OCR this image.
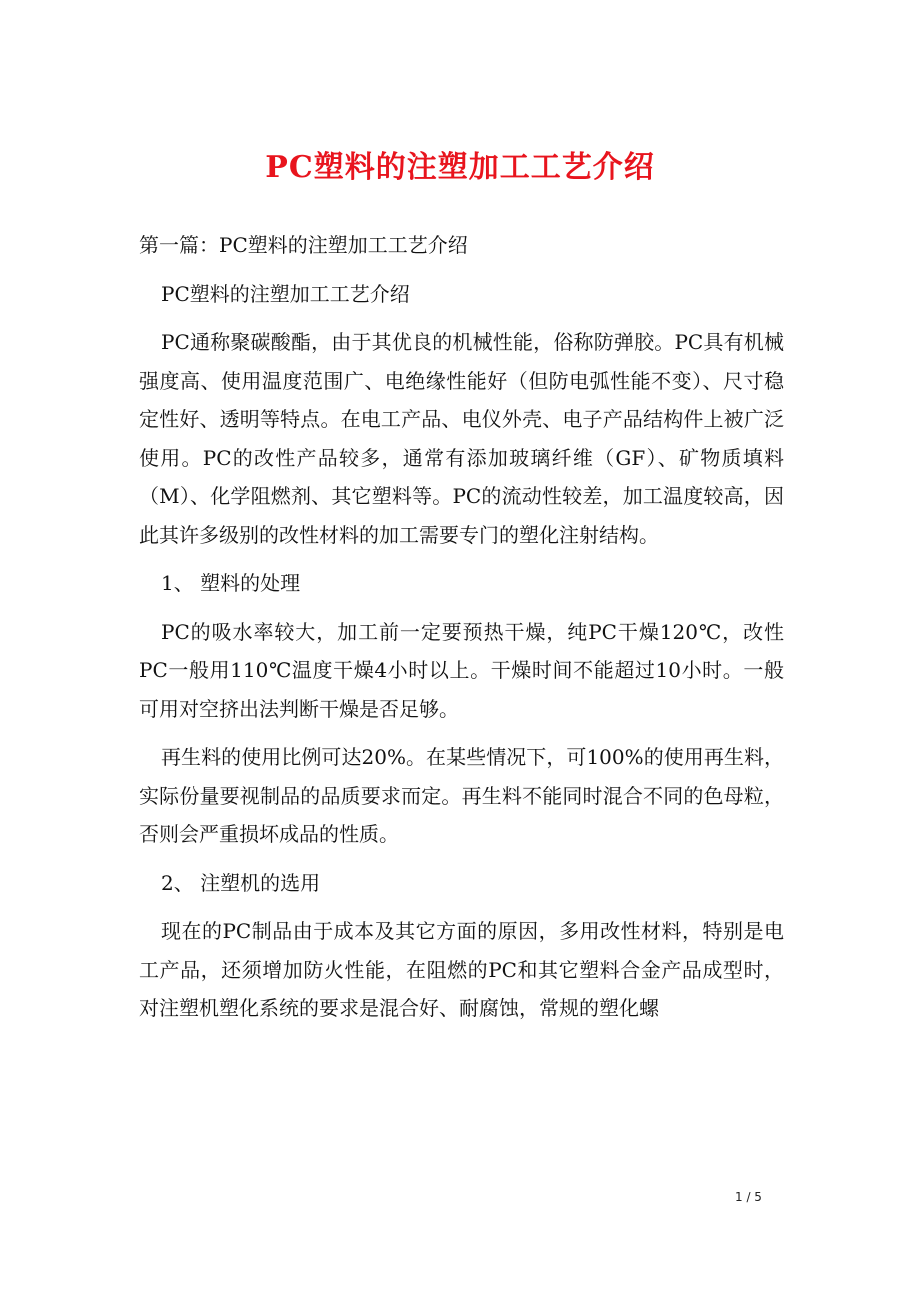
PC塑料的注塑加工工艺介绍

第一篇：PC塑料的注塑加工工艺介绍

PC塑料的注塑加工工艺介绍

PC通称聚碳酸酯，由于其优良的机械性能，俗称防弹胶。PC具有机械强度高、使用温度范围广、电绝缘性能好（但防电弧性能不变）、尺寸稳定性好、透明等特点。在电工产品、电仪外壳、电子产品结构件上被广泛使用。PC的改性产品较多，通常有添加玻璃纤维（GF）、矿物质填料（M）、化学阻燃剂、其它塑料等。PC的流动性较差，加工温度较高，因此其许多级别的改性材料的加工需要专门的塑化注射结构。

1、 塑料的处理

PC的吸水率较大，加工前一定要预热干燥，纯PC干燥120℃，改性PC一般用110℃温度干燥4小时以上。干燥时间不能超过10小时。一般可用对空挤出法判断干燥是否足够。

再生料的使用比例可达20%。在某些情况下，可100%的使用再生料，实际份量要视制品的品质要求而定。再生料不能同时混合不同的色母粒，否则会严重损坏成品的性质。

2、 注塑机的选用

现在的PC制品由于成本及其它方面的原因，多用改性材料，特别是电工产品，还须增加防火性能，在阻燃的PC和其它塑料合金产品成型时，对注塑机塑化系统的要求是混合好、耐腐蚀，常规的塑化螺

1 / 5
